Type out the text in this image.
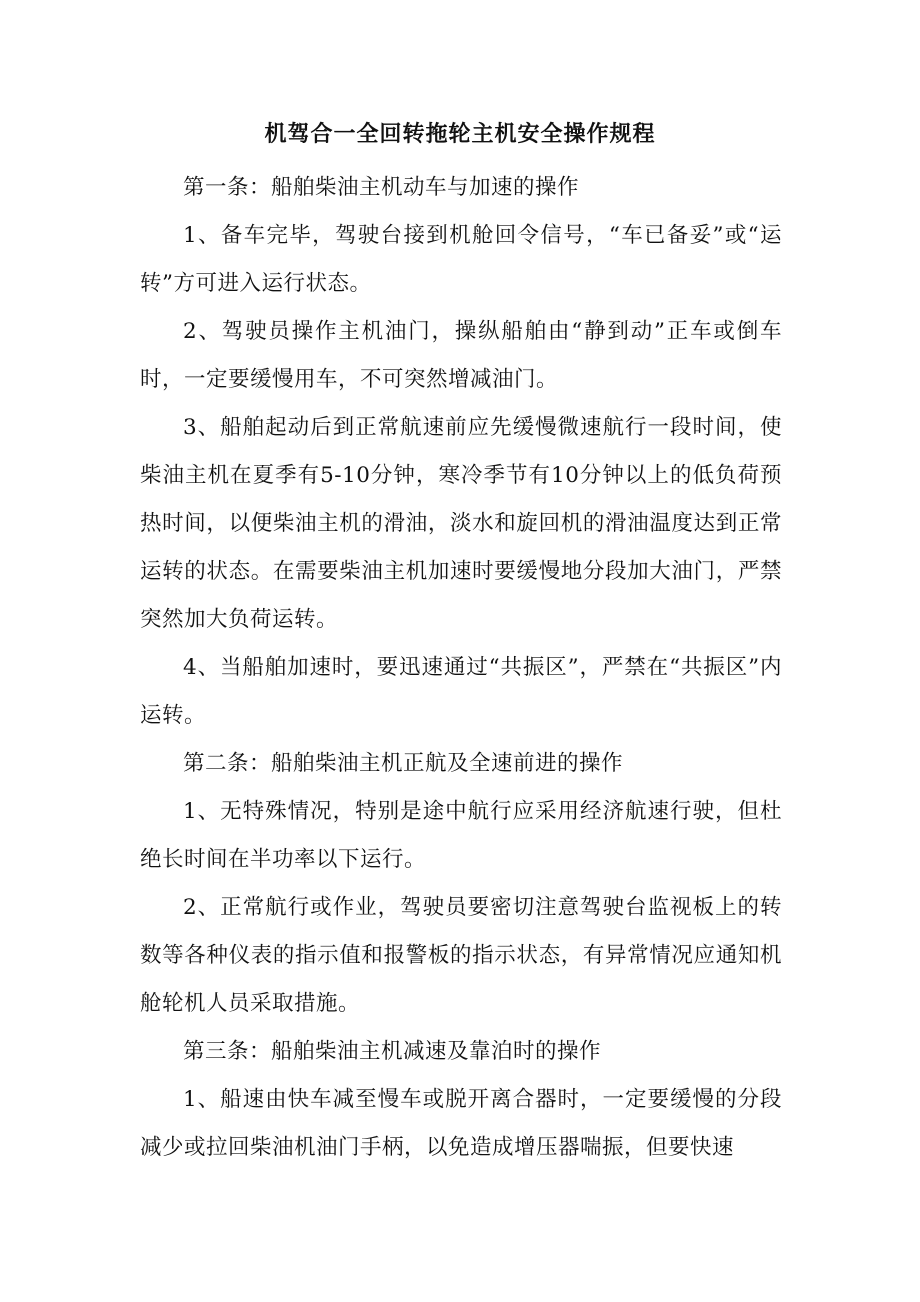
机驾合一全回转拖轮主机安全操作规程

第一条：船舶柴油主机动车与加速的操作

1、备车完毕，驾驶台接到机舱回令信号，“车已备妥”或“运转”方可进入运行状态。

2、驾驶员操作主机油门，操纵船舶由“静到动”正车或倒车时，一定要缓慢用车，不可突然增减油门。

3、船舶起动后到正常航速前应先缓慢微速航行一段时间，使柴油主机在夏季有5-10分钟，寒冷季节有10分钟以上的低负荷预热时间，以便柴油主机的滑油，淡水和旋回机的滑油温度达到正常运转的状态。在需要柴油主机加速时要缓慢地分段加大油门，严禁突然加大负荷运转。

4、当船舶加速时，要迅速通过“共振区”，严禁在“共振区”内运转。

第二条：船舶柴油主机正航及全速前进的操作

1、无特殊情况，特别是途中航行应采用经济航速行驶，但杜绝长时间在半功率以下运行。

2、正常航行或作业，驾驶员要密切注意驾驶台监视板上的转数等各种仪表的指示值和报警板的指示状态，有异常情况应通知机舱轮机人员采取措施。

第三条：船舶柴油主机减速及靠泊时的操作

1、船速由快车减至慢车或脱开离合器时，一定要缓慢的分段减少或拉回柴油机油门手柄，以免造成增压器喘振，但要快速
